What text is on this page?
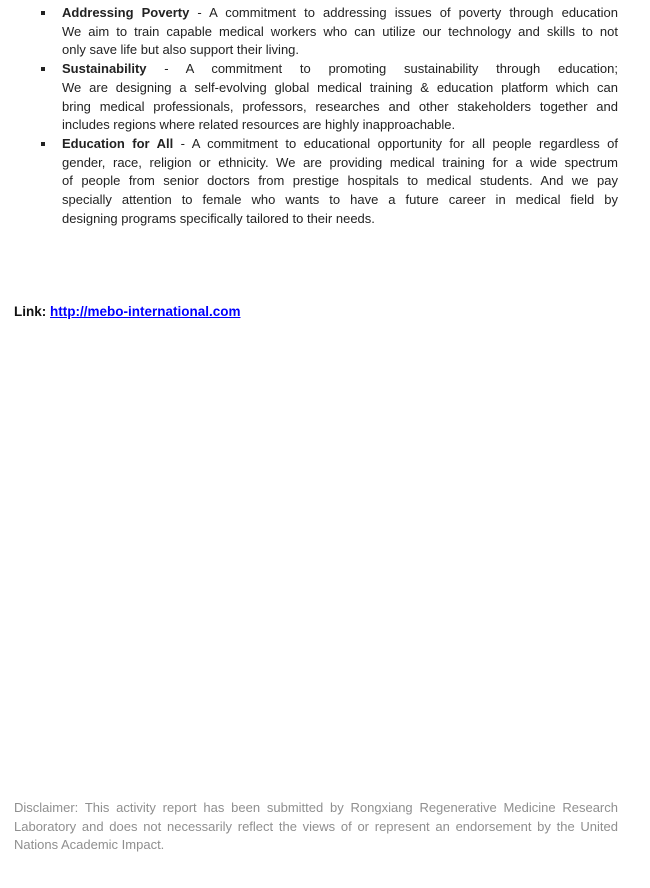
Addressing Poverty - A commitment to addressing issues of poverty through education
We aim to train capable medical workers who can utilize our technology and skills to not
only save life but also support their living.
Sustainability - A commitment to promoting sustainability through education;
We are designing a self-evolving global medical training & education platform which can
bring medical professionals, professors, researches and other stakeholders together and
includes regions where related resources are highly inapproachable.
Education for All - A commitment to educational opportunity for all people regardless of
gender, race, religion or ethnicity. We are providing medical training for a wide spectrum
of people from senior doctors from prestige hospitals to medical students. And we pay
specially attention to female who wants to have a future career in medical field by
designing programs specifically tailored to their needs.
Link: http://mebo-international.com
Disclaimer: This activity report has been submitted by Rongxiang Regenerative Medicine Research
Laboratory and does not necessarily reflect the views of or represent an endorsement by the United
Nations Academic Impact.
